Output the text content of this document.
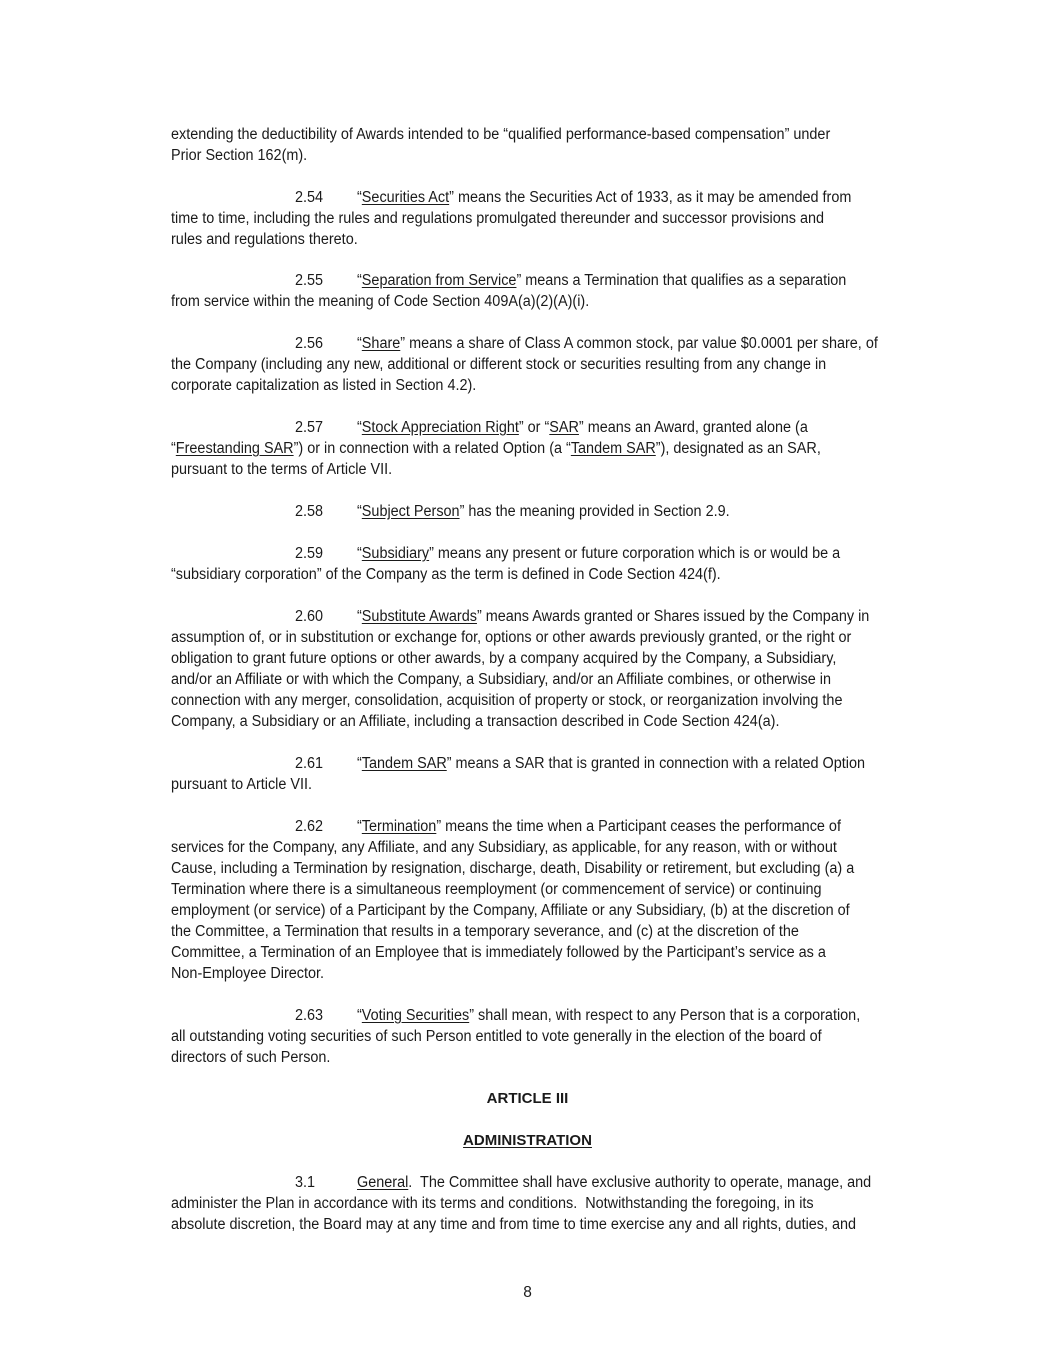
extending the deductibility of Awards intended to be “qualified performance-based compensation” under
Prior Section 162(m).
2.54 “Securities Act” means the Securities Act of 1933, as it may be amended from
time to time, including the rules and regulations promulgated thereunder and successor provisions and
rules and regulations thereto.
2.55 “Separation from Service” means a Termination that qualifies as a separation
from service within the meaning of Code Section 409A(a)(2)(A)(i).
2.56 “Share” means a share of Class A common stock, par value $0.0001 per share, of
the Company (including any new, additional or different stock or securities resulting from any change in
corporate capitalization as listed in Section 4.2).
2.57 “Stock Appreciation Right” or “SAR” means an Award, granted alone (a
“Freestanding SAR”) or in connection with a related Option (a “Tandem SAR”), designated as an SAR,
pursuant to the terms of Article VII.
2.58 “Subject Person” has the meaning provided in Section 2.9.
2.59 “Subsidiary” means any present or future corporation which is or would be a
“subsidiary corporation” of the Company as the term is defined in Code Section 424(f).
2.60 “Substitute Awards” means Awards granted or Shares issued by the Company in
assumption of, or in substitution or exchange for, options or other awards previously granted, or the right or
obligation to grant future options or other awards, by a company acquired by the Company, a Subsidiary,
and/or an Affiliate or with which the Company, a Subsidiary, and/or an Affiliate combines, or otherwise in
connection with any merger, consolidation, acquisition of property or stock, or reorganization involving the
Company, a Subsidiary or an Affiliate, including a transaction described in Code Section 424(a).
2.61 “Tandem SAR” means a SAR that is granted in connection with a related Option
pursuant to Article VII.
2.62 “Termination” means the time when a Participant ceases the performance of
services for the Company, any Affiliate, and any Subsidiary, as applicable, for any reason, with or without
Cause, including a Termination by resignation, discharge, death, Disability or retirement, but excluding (a) a
Termination where there is a simultaneous reemployment (or commencement of service) or continuing
employment (or service) of a Participant by the Company, Affiliate or any Subsidiary, (b) at the discretion of
the Committee, a Termination that results in a temporary severance, and (c) at the discretion of the
Committee, a Termination of an Employee that is immediately followed by the Participant’s service as a
Non-Employee Director.
2.63 “Voting Securities” shall mean, with respect to any Person that is a corporation,
all outstanding voting securities of such Person entitled to vote generally in the election of the board of
directors of such Person.
ARTICLE III
ADMINISTRATION
3.1	General.  The Committee shall have exclusive authority to operate, manage, and
administer the Plan in accordance with its terms and conditions.  Notwithstanding the foregoing, in its
absolute discretion, the Board may at any time and from time to time exercise any and all rights, duties, and
8
